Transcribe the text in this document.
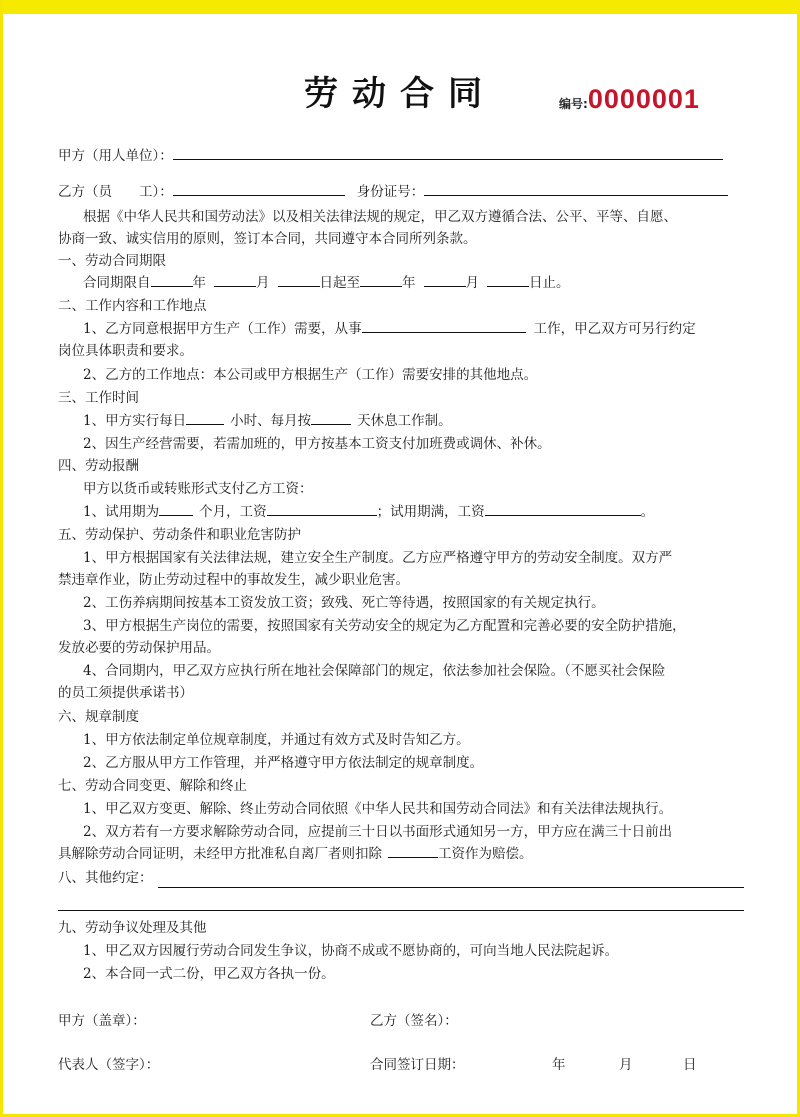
劳动合同	编号:0000001
甲方（用人单位）：
乙方（员　　工）：	身份证号：
根据《中华人民共和国劳动法》以及相关法律法规的规定，甲乙双方遵循合法、公平、平等、自愿、
协商一致、诚实信用的原则，签订本合同，共同遵守本合同所列条款。
一、劳动合同期限
合同期限自	年	月	日起至	年	月	日止。
二、工作内容和工作地点
1、乙方同意根据甲方生产（工作）需要，从事	工作，甲乙双方可另行约定
岗位具体职责和要求。
2、乙方的工作地点：本公司或甲方根据生产（工作）需要安排的其他地点。
三、工作时间
1、甲方实行每日	小时、每月按	天休息工作制。
2、因生产经营需要，若需加班的，甲方按基本工资支付加班费或调休、补休。
四、劳动报酬
甲方以货币或转账形式支付乙方工资：
1、试用期为	个月，工资	；试用期满，工资	。
五、劳动保护、劳动条件和职业危害防护
1、甲方根据国家有关法律法规，建立安全生产制度。乙方应严格遵守甲方的劳动安全制度。双方严
禁违章作业，防止劳动过程中的事故发生，减少职业危害。
2、工伤养病期间按基本工资发放工资；致残、死亡等待遇，按照国家的有关规定执行。
3、甲方根据生产岗位的需要，按照国家有关劳动安全的规定为乙方配置和完善必要的安全防护措施，
发放必要的劳动保护用品。
4、合同期内，甲乙双方应执行所在地社会保障部门的规定，依法参加社会保险。（不愿买社会保险
的员工须提供承诺书）
六、规章制度
1、甲方依法制定单位规章制度，并通过有效方式及时告知乙方。
2、乙方服从甲方工作管理，并严格遵守甲方依法制定的规章制度。
七、劳动合同变更、解除和终止
1、甲乙双方变更、解除、终止劳动合同依照《中华人民共和国劳动合同法》和有关法律法规执行。
2、双方若有一方要求解除劳动合同，应提前三十日以书面形式通知另一方，甲方应在满三十日前出
具解除劳动合同证明，未经甲方批准私自离厂者则扣除	工资作为赔偿。
八、其他约定：
九、劳动争议处理及其他
1、甲乙双方因履行劳动合同发生争议，协商不成或不愿协商的，可向当地人民法院起诉。
2、本合同一式二份，甲乙双方各执一份。
甲方（盖章）：	乙方（签名）：
代表人（签字）：	合同签订日期：	年	月	日
